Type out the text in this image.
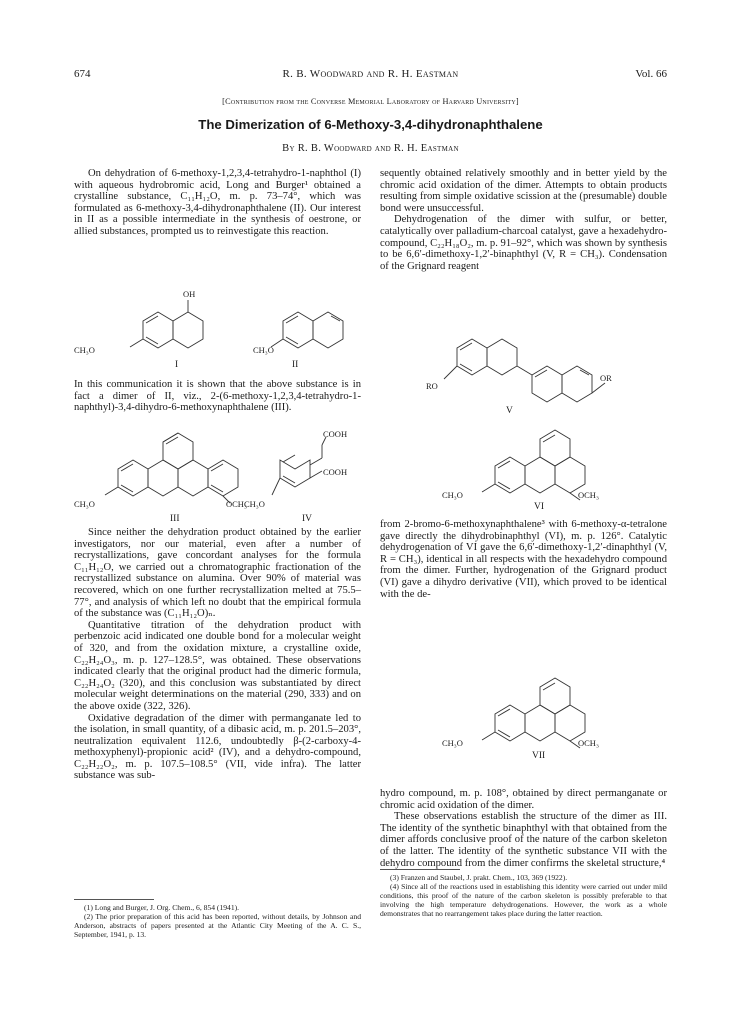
674	R. B. Woodward and R. H. Eastman	Vol. 66
[Contribution from the Converse Memorial Laboratory of Harvard University]
The Dimerization of 6-Methoxy-3,4-dihydronaphthalene
By R. B. Woodward and R. H. Eastman

On dehydration of 6-methoxy-1,2,3,4-tetrahydro-1-naphthol (I) with aqueous hydrobromic acid, Long and Burger¹ obtained a crystalline substance, C₁₁H₁₂O, m. p. 73–74°, which was formulated as 6-methoxy-3,4-dihydronaphthalene (II). Our interest in II as a possible intermediate in the synthesis of oestrone, or allied substances, prompted us to reinvestigate this reaction.

OH
CH₃O
I
CH₃O
II

In this communication it is shown that the above substance is in fact a dimer of II, viz., 2-(6-methoxy-1,2,3,4-tetrahydro-1-naphthyl)-3,4-dihydro-6-methoxynaphthalene (III).

CH₃O	OCH₃
III
COOH
COOH
CH₃O
IV

Since neither the dehydration product obtained by the earlier investigators, nor our material, even after a number of recrystallizations, gave concordant analyses for the formula C₁₁H₁₂O, we carried out a chromatographic fractionation of the recrystallized substance on alumina. Over 90% of material was recovered, which on one further recrystallization melted at 75.5–77°, and analysis of which left no doubt that the empirical formula of the substance was (C₁₁H₁₂O)ₙ.

Quantitative titration of the dehydration product with perbenzoic acid indicated one double bond for a molecular weight of 320, and from the oxidation mixture, a crystalline oxide, C₂₂H₂₄O₃, m. p. 127–128.5°, was obtained. These observations indicated clearly that the original product had the dimeric formula, C₂₂H₂₄O₂ (320), and this conclusion was substantiated by direct molecular weight determinations on the material (290, 333) and on the above oxide (322, 326).

Oxidative degradation of the dimer with permanganate led to the isolation, in small quantity, of a dibasic acid, m. p. 201.5–203°, neutralization equivalent 112.6, undoubtedly β-(2-carboxy-4-methoxyphenyl)-propionic acid² (IV), and a dehydro-compound, C₂₂H₂₂O₂, m. p. 107.5–108.5° (VII, vide infra). The latter substance was sub-

(1) Long and Burger, J. Org. Chem., 6, 854 (1941).

(2) The prior preparation of this acid has been reported, without details, by Johnson and Anderson, abstracts of papers presented at the Atlantic City Meeting of the A. C. S., September, 1941, p. 13.

sequently obtained relatively smoothly and in better yield by the chromic acid oxidation of the dimer. Attempts to obtain products resulting from simple oxidative scission at the (presumable) double bond were unsuccessful.

Dehydrogenation of the dimer with sulfur, or better, catalytically over palladium-charcoal catalyst, gave a hexadehydro-compound, C₂₂H₁₈O₂, m. p. 91–92°, which was shown by synthesis to be 6,6′-dimethoxy-1,2′-binaphthyl (V, R = CH₃). Condensation of the Grignard reagent

RO
OR
V
CH₃O	OCH₃
VI

from 2-bromo-6-methoxynaphthalene³ with 6-methoxy-α-tetralone gave directly the dihydrobinaphthyl (VI), m. p. 126°. Catalytic dehydrogenation of VI gave the 6,6′-dimethoxy-1,2′-dinaphthyl (V, R = CH₃), identical in all respects with the hexadehydro compound from the dimer. Further, hydrogenation of the Grignard product (VI) gave a dihydro derivative (VII), which proved to be identical with the de-

CH₃O	OCH₃
VII

hydro compound, m. p. 108°, obtained by direct permanganate or chromic acid oxidation of the dimer.

These observations establish the structure of the dimer as III. The identity of the synthetic binaphthyl with that obtained from the dimer affords conclusive proof of the nature of the carbon skeleton of the latter. The identity of the synthetic substance VII with the dehydro compound from the dimer confirms the skeletal structure,⁴

(3) Franzen and Staubel, J. prakt. Chem., 103, 369 (1922).

(4) Since all of the reactions used in establishing this identity were carried out under mild conditions, this proof of the nature of the carbon skeleton is possibly preferable to that involving the high temperature dehydrogenations. However, the work as a whole demonstrates that no rearrangement takes place during the latter reaction.
